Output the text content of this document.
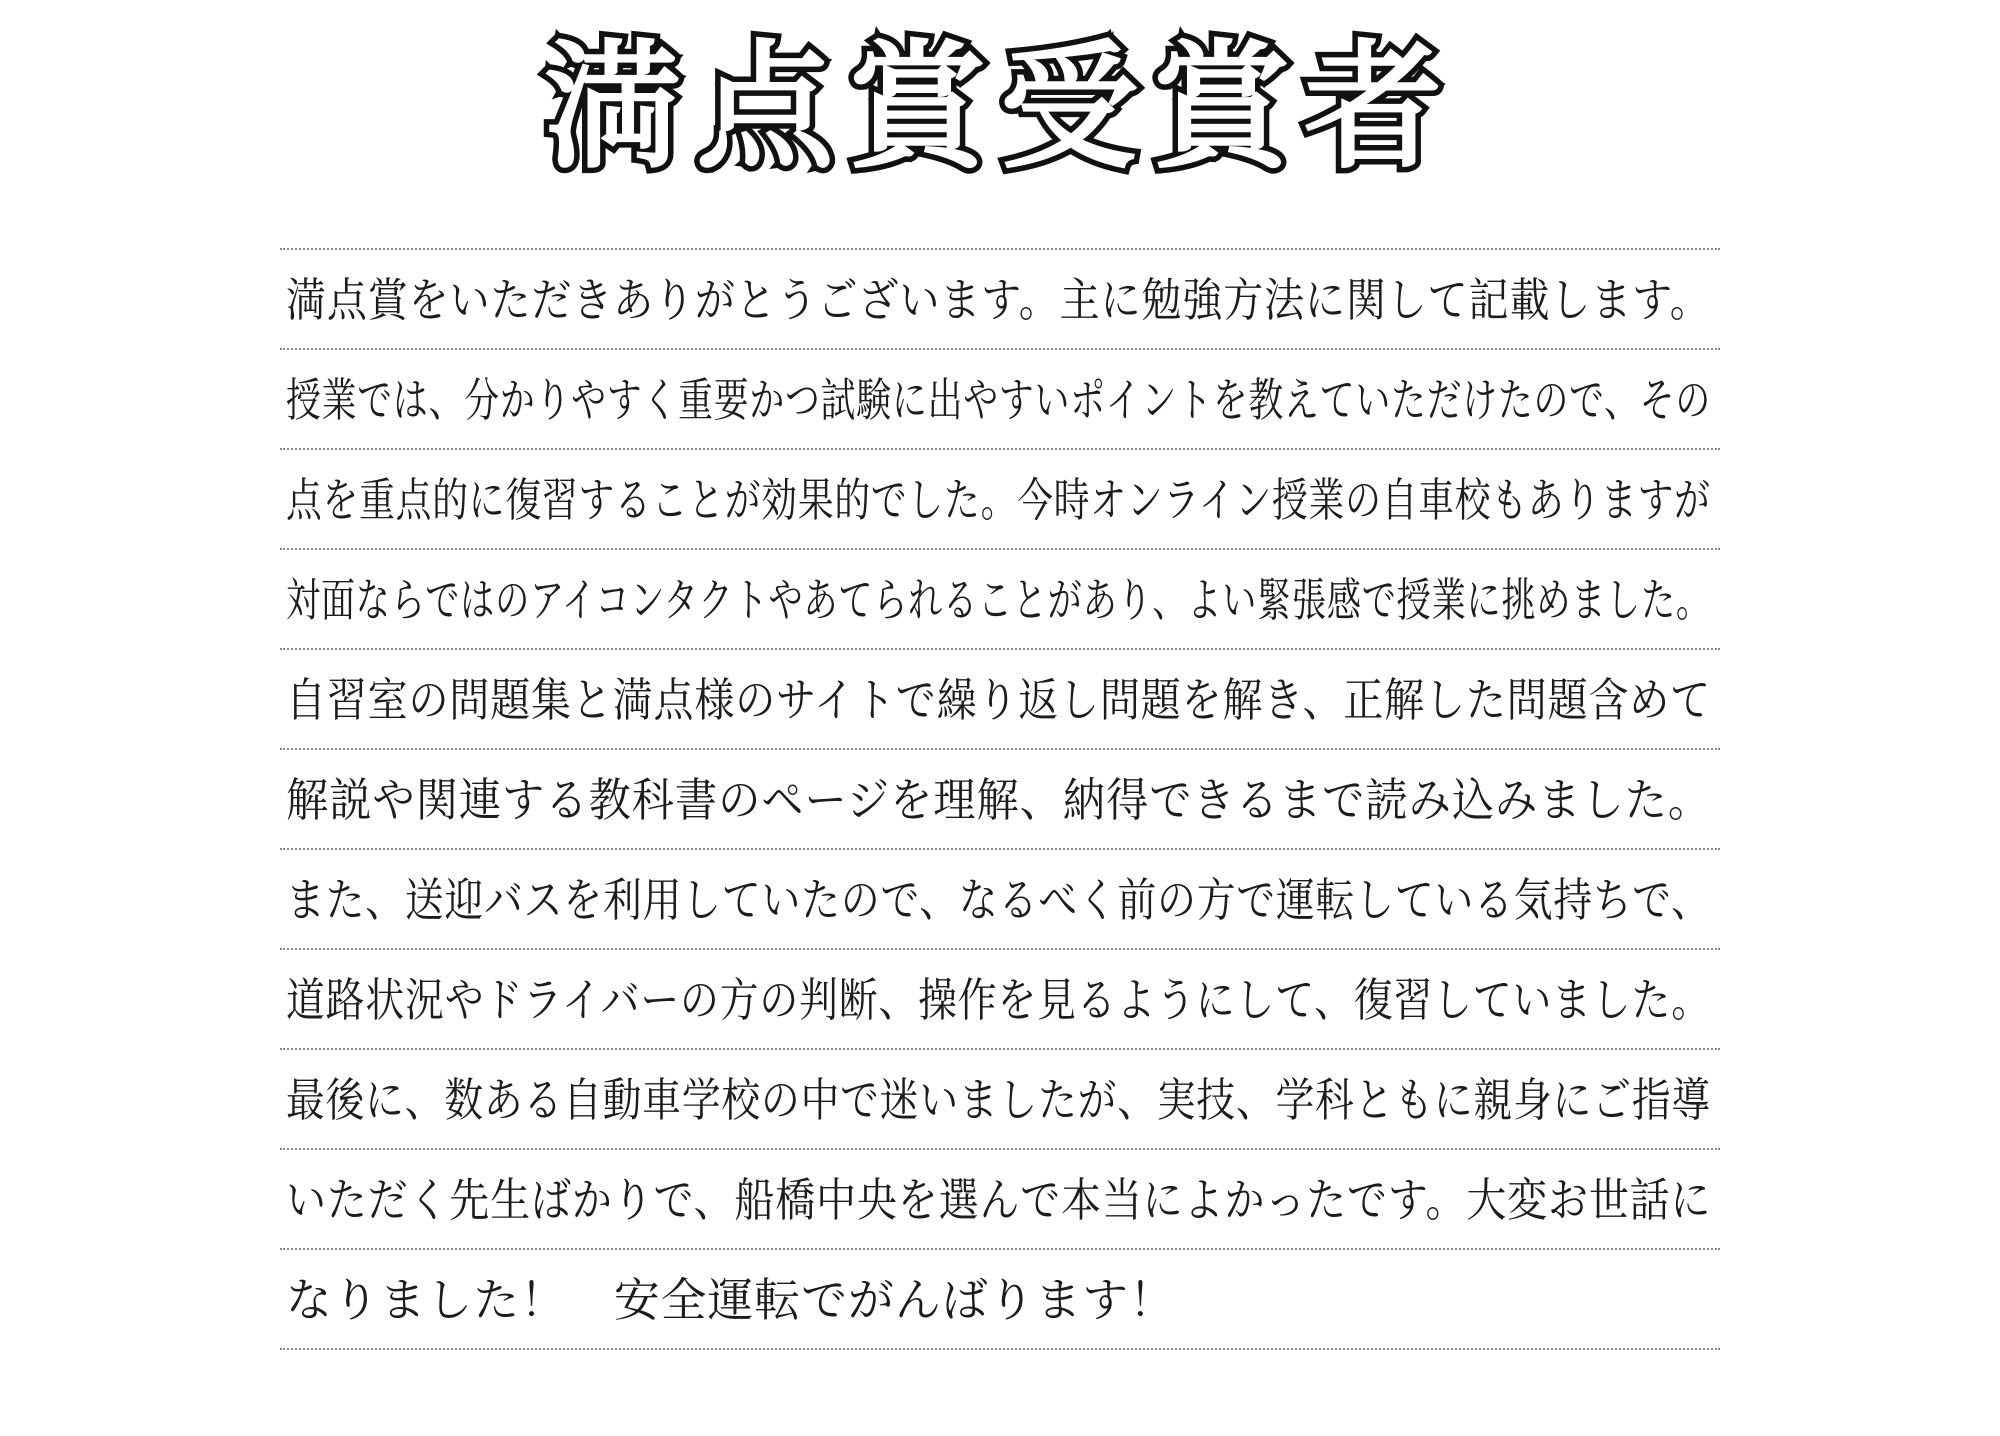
満点賞受賞者
満点賞をいただきありがとうございます。主に勉強方法に関して記載します。
授業では、分かりやすく重要かつ試験に出やすいポイントを教えていただけたので、その
点を重点的に復習することが効果的でした。今時オンライン授業の自車校もありますが
対面ならではのアイコンタクトやあてられることがあり、よい緊張感で授業に挑めました。
自習室の問題集と満点様のサイトで繰り返し問題を解き、正解した問題含めて
解説や関連する教科書のページを理解、納得できるまで読み込みました。
また、送迎バスを利用していたので、なるべく前の方で運転している気持ちで、
道路状況やドライバーの方の判断、操作を見るようにして、復習していました。
最後に、数ある自動車学校の中で迷いましたが、実技、学科ともに親身にご指導
いただく先生ばかりで、船橋中央を選んで本当によかったです。大変お世話に
なりました！　安全運転でがんばります！
